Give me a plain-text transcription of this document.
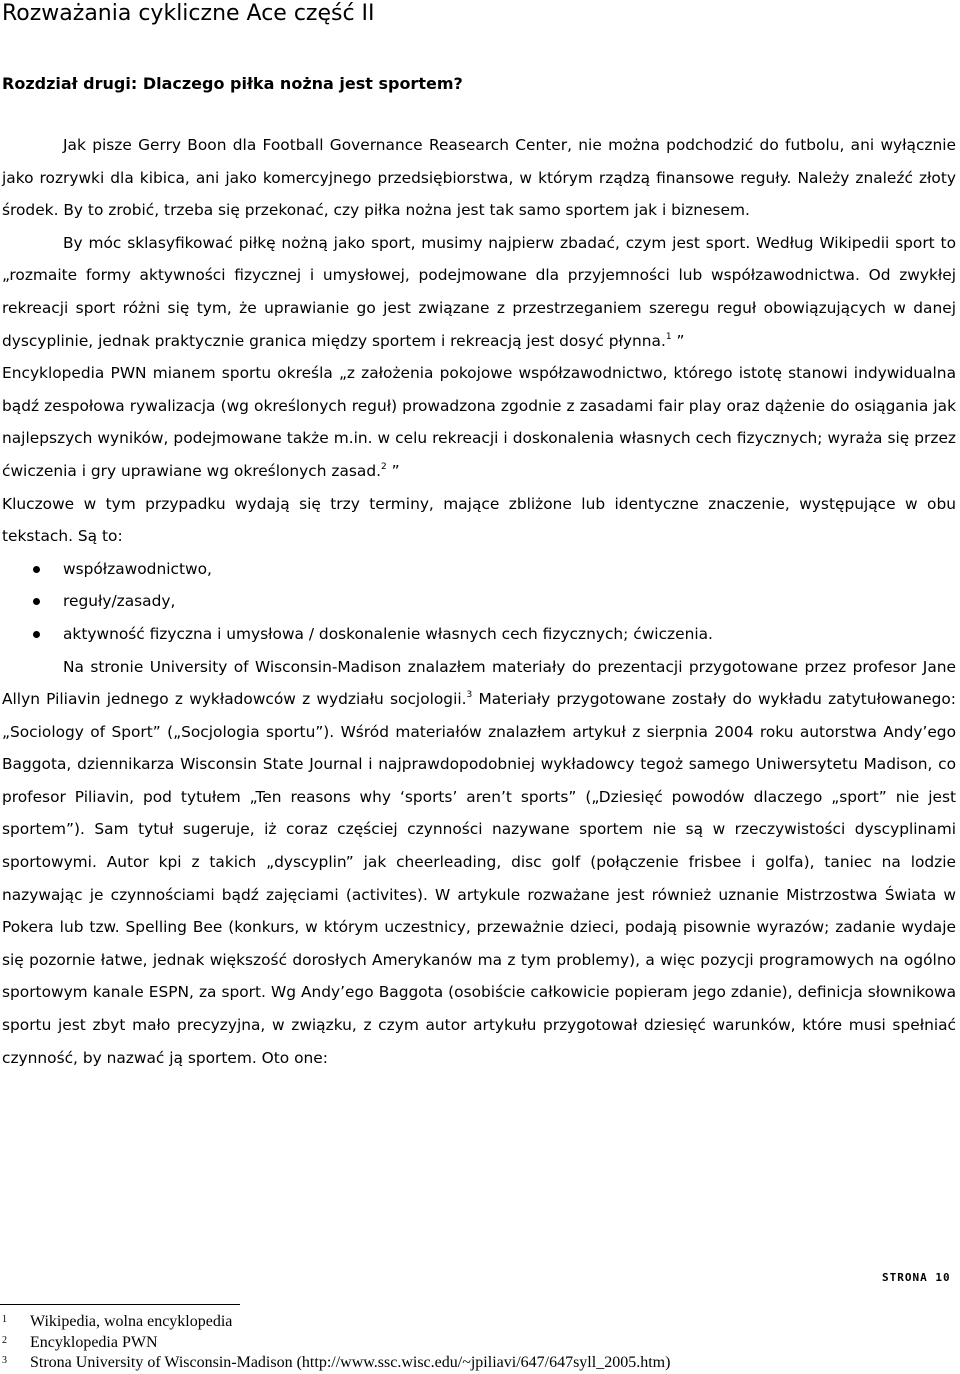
Rozważania cykliczne Ace część II
Rozdział drugi: Dlaczego piłka nożna jest sportem?

Jak pisze Gerry Boon dla Football Governance Reasearch Center, nie można podchodzić do futbolu, ani wyłącznie jako rozrywki dla kibica, ani jako komercyjnego przedsiębiorstwa, w którym rządzą finansowe reguły. Należy znaleźć złoty środek. By to zrobić, trzeba się przekonać, czy piłka nożna jest tak samo sportem jak i biznesem.

By móc sklasyfikować piłkę nożną jako sport, musimy najpierw zbadać, czym jest sport. Według Wikipedii sport to „rozmaite formy aktywności fizycznej i umysłowej, podejmowane dla przyjemności lub współzawodnictwa. Od zwykłej rekreacji sport różni się tym, że uprawianie go jest związane z przestrzeganiem szeregu reguł obowiązujących w danej dyscyplinie, jednak praktycznie granica między sportem i rekreacją jest dosyć płynna.$^1$ ”

Encyklopedia PWN mianem sportu określa „z założenia pokojowe współzawodnictwo, którego istotę stanowi indywidualna bądź zespołowa rywalizacja (wg określonych reguł) prowadzona zgodnie z zasadami fair play oraz dążenie do osiągania jak najlepszych wyników, podejmowane także m.in. w celu rekreacji i doskonalenia własnych cech fizycznych; wyraża się przez ćwiczenia i gry uprawiane wg określonych zasad.$^2$ ”

Kluczowe w tym przypadku wydają się trzy terminy, mające zbliżone lub identyczne znaczenie, występujące w obu tekstach. Są to:

współzawodnictwo,
reguły/zasady,
aktywność fizyczna i umysłowa / doskonalenie własnych cech fizycznych; ćwiczenia.

Na stronie University of Wisconsin-Madison znalazłem materiały do prezentacji przygotowane przez profesor Jane Allyn Piliavin jednego z wykładowców z wydziału socjologii.$^3$ Materiały przygotowane zostały do wykładu zatytułowanego: „Sociology of Sport” („Socjologia sportu”). Wśród materiałów znalazłem artykuł z sierpnia 2004 roku autorstwa Andy’ego Baggota, dziennikarza Wisconsin State Journal i najprawdopodobniej wykładowcy tegoż samego Uniwersytetu Madison, co profesor Piliavin, pod tytułem „Ten reasons why ‘sports’ aren’t sports” („Dziesięć powodów dlaczego „sport” nie jest sportem”). Sam tytuł sugeruje, iż coraz częściej czynności nazywane sportem nie są w rzeczywistości dyscyplinami sportowymi. Autor kpi z takich „dyscyplin” jak cheerleading, disc golf (połączenie frisbee i golfa), taniec na lodzie nazywając je czynnościami bądź zajęciami (activites). W artykule rozważane jest również uznanie Mistrzostwa Świata w Pokera lub tzw. Spelling Bee (konkurs, w którym uczestnicy, przeważnie dzieci, podają pisownie wyrazów; zadanie wydaje się pozornie łatwe, jednak większość dorosłych Amerykanów ma z tym problemy), a więc pozycji programowych na ogólno sportowym kanale ESPN, za sport. Wg Andy’ego Baggota (osobiście całkowicie popieram jego zdanie), definicja słownikowa sportu jest zbyt mało precyzyjna, w związku, z czym autor artykułu przygotował dziesięć warunków, które musi spełniać czynność, by nazwać ją sportem. Oto one:

STRONA 10
1 Wikipedia, wolna encyklopedia
2 Encyklopedia PWN
3 Strona University of Wisconsin-Madison (http://www.ssc.wisc.edu/~jpiliavi/647/647syll_2005.htm)
